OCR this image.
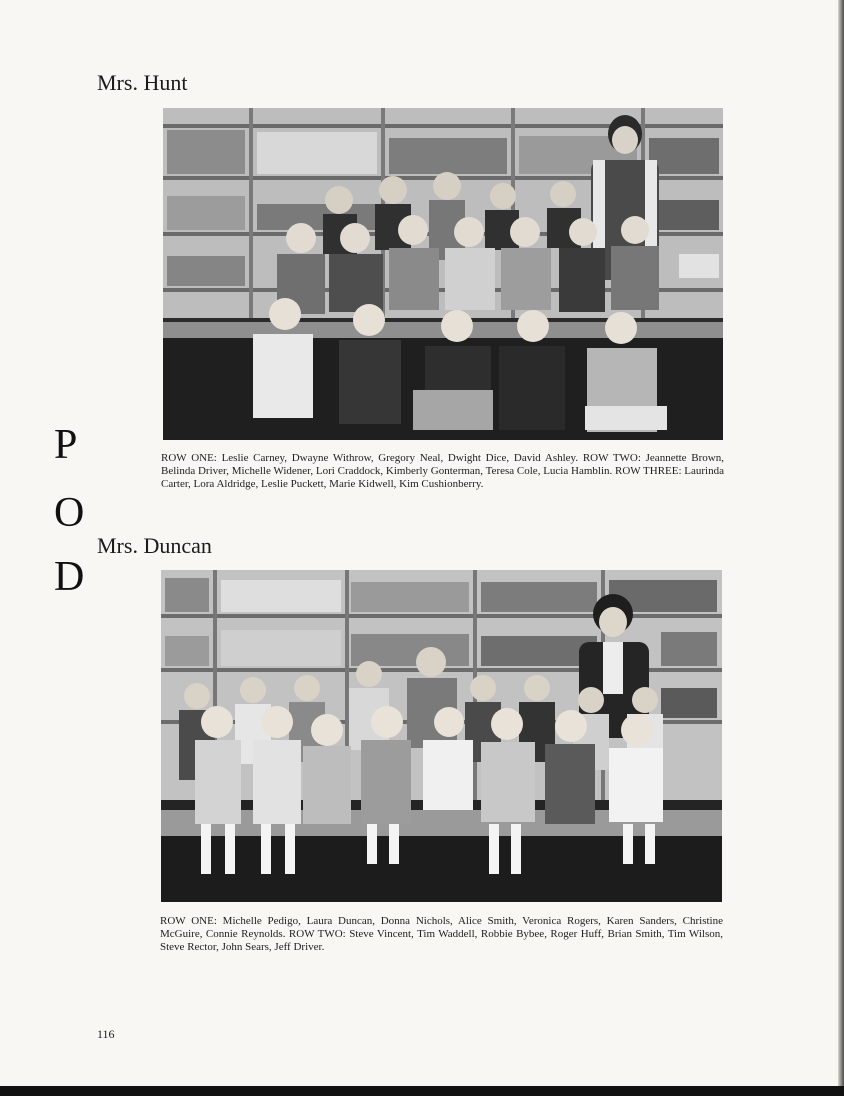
Mrs. Hunt
ROW ONE: Leslie Carney, Dwayne Withrow, Gregory Neal, Dwight Dice, David Ashley. ROW TWO: Jeannette Brown, Belinda Driver, Michelle Widener, Lori Craddock, Kimberly Gonterman, Teresa Cole, Lucia Hamblin. ROW THREE: Laurinda Carter, Lora Aldridge, Leslie Puckett, Marie Kidwell, Kim Cushionberry.
P
O
D
Mrs. Duncan
ROW ONE: Michelle Pedigo, Laura Duncan, Donna Nichols, Alice Smith, Veronica Rogers, Karen Sanders, Christine McGuire, Connie Reynolds. ROW TWO: Steve Vincent, Tim Waddell, Robbie Bybee, Roger Huff, Brian Smith, Tim Wilson, Steve Rector, John Sears, Jeff Driver.
116
